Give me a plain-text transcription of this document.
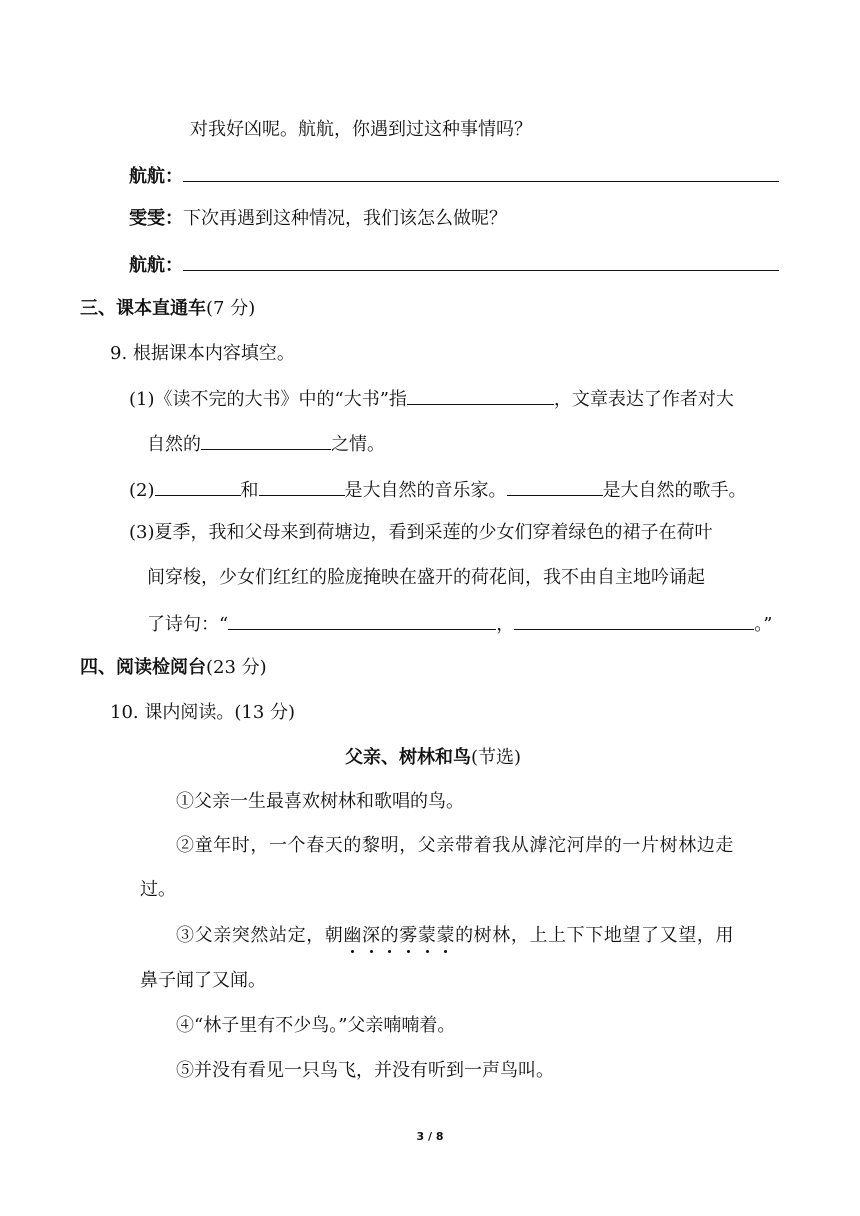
对我好凶呢。航航，你遇到过这种事情吗？
航航：
雯雯：下次再遇到这种情况，我们该怎么做呢？
航航：
三、课本直通车(7 分)
9. 根据课本内容填空。
(1)《读不完的大书》中的“大书”指	，文章表达了作者对大
自然的	之情。
(2)	和	是大自然的音乐家。	是大自然的歌手。
(3)夏季，我和父母来到荷塘边，看到采莲的少女们穿着绿色的裙子在荷叶
间穿梭，少女们红红的脸庞掩映在盛开的荷花间，我不由自主地吟诵起
了诗句：“	，	。”
四、阅读检阅台(23 分)
10. 课内阅读。(13 分)
父亲、树林和鸟(节选)
①父亲一生最喜欢树林和歌唱的鸟。
②童年时，一个春天的黎明，父亲带着我从滹沱河岸的一片树林边走
过。
③父亲突然站定，朝幽深的雾蒙蒙的树林，上上下下地望了又望，用
鼻子闻了又闻。
④“林子里有不少鸟。”父亲喃喃着。
⑤并没有看见一只鸟飞，并没有听到一声鸟叫。
3 / 8
